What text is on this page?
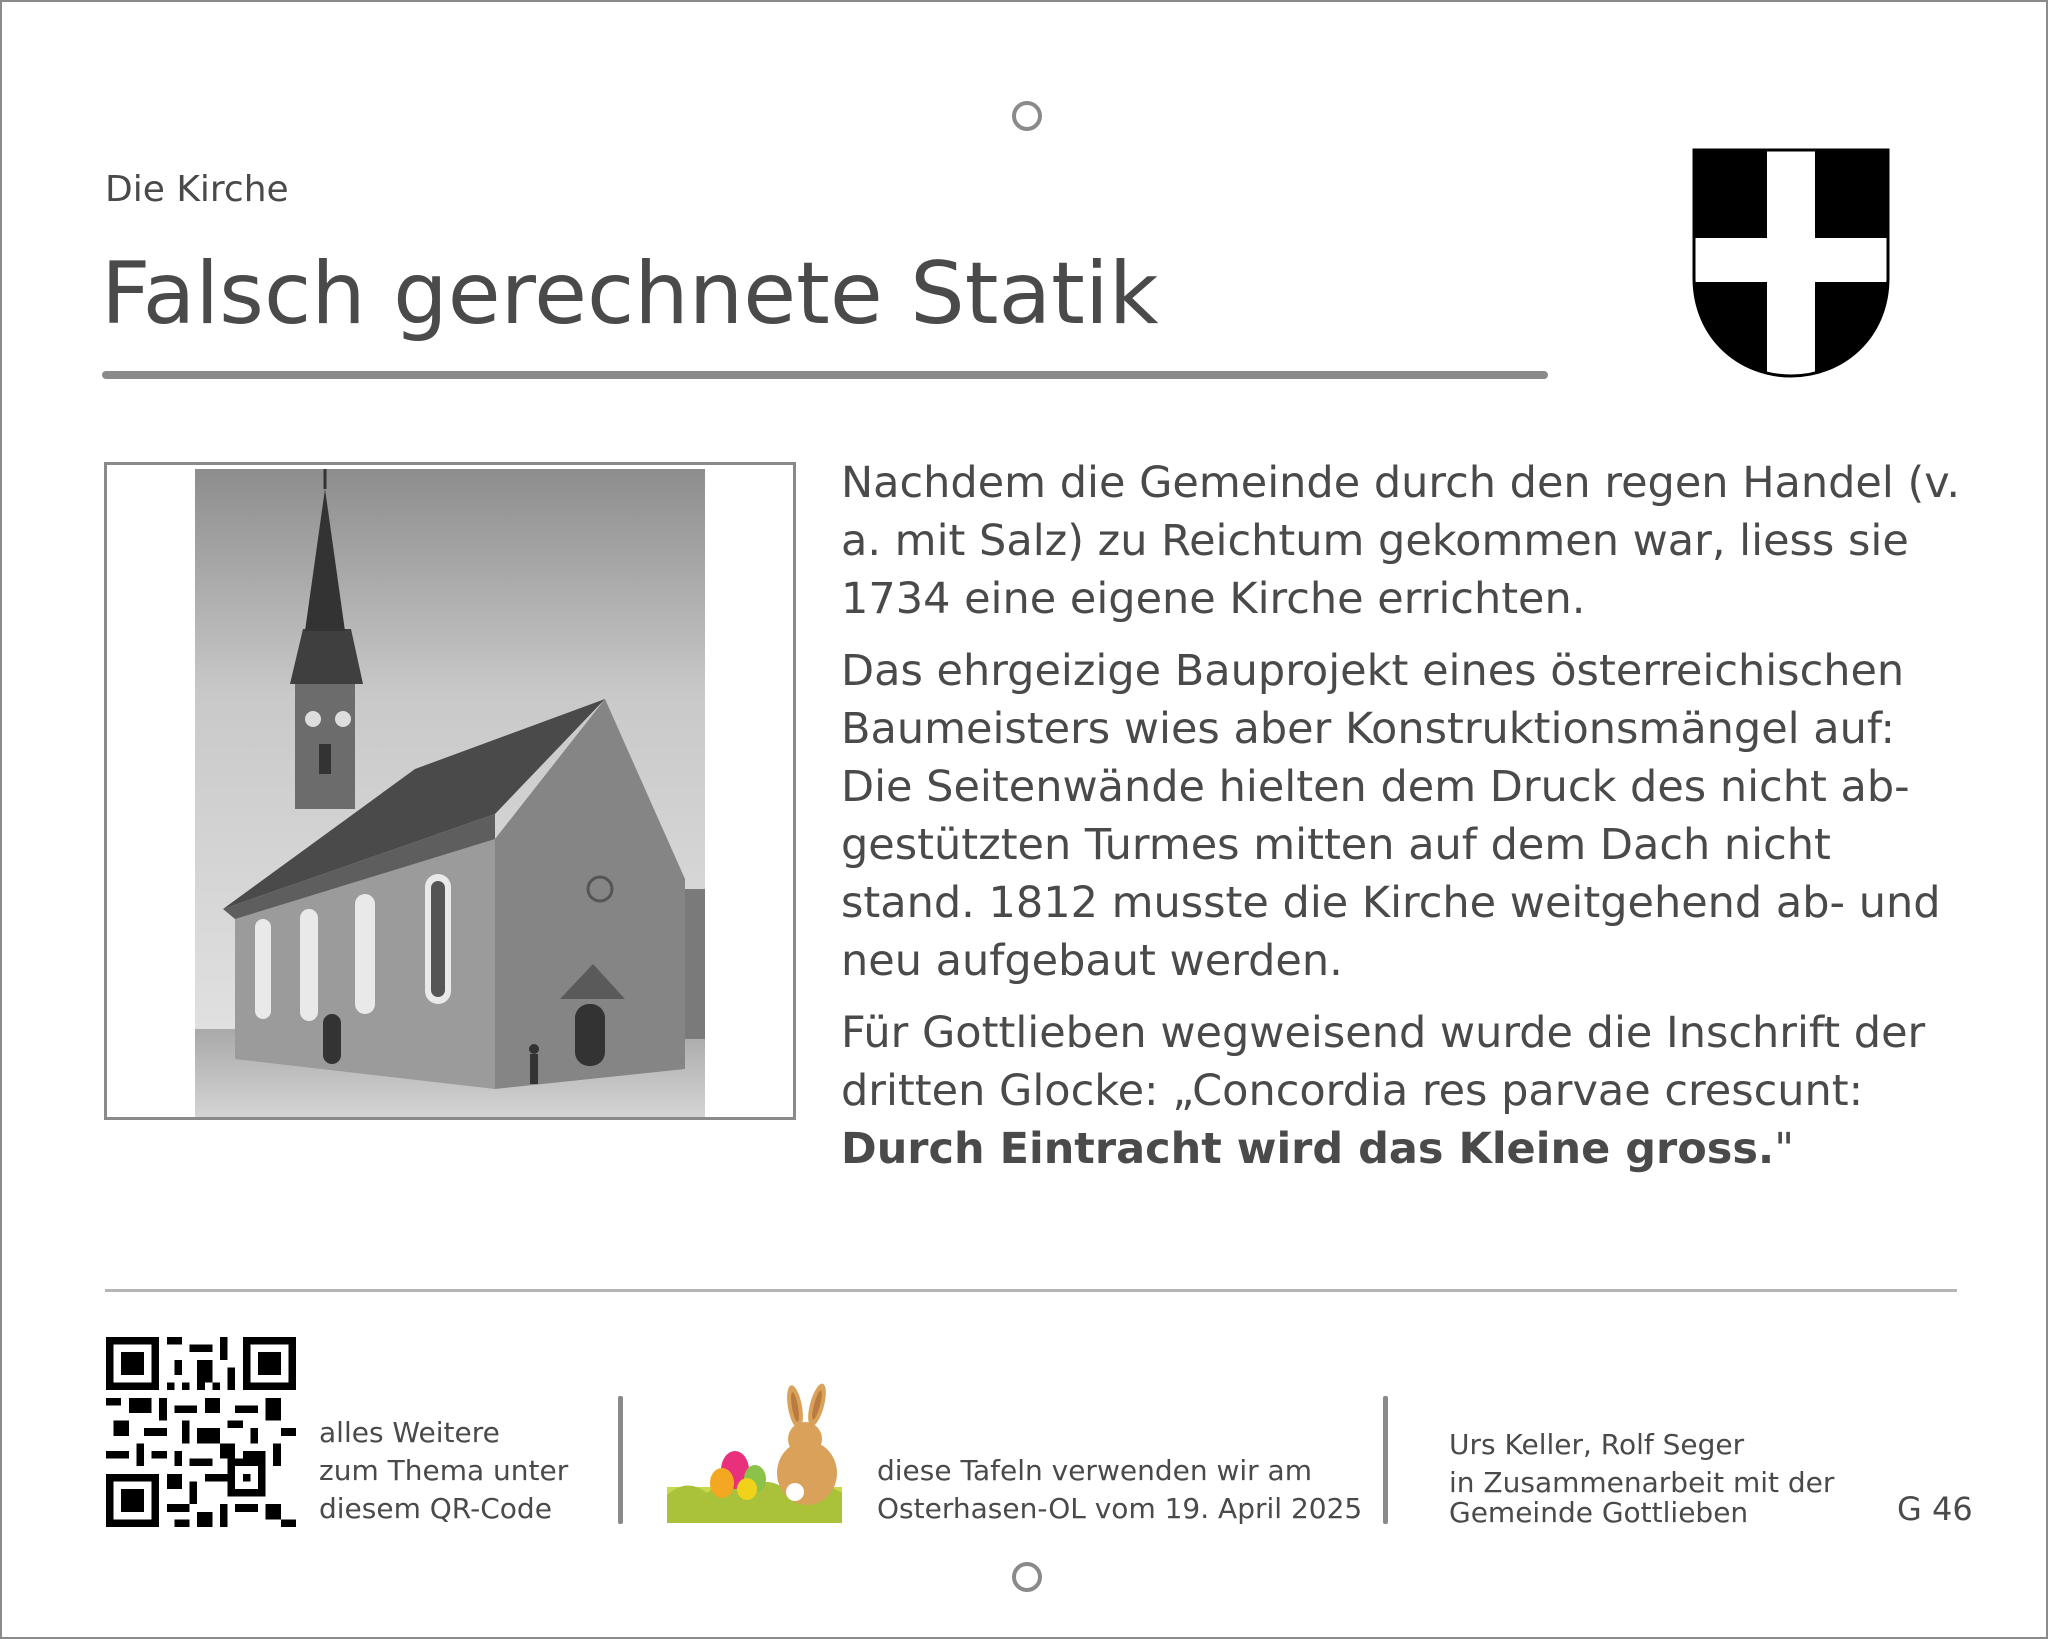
Die Kirche
Falsch gerechnete Statik

Nachdem die Gemeinde durch den regen Handel (v. a. mit Salz) zu Reichtum gekommen war, liess sie 1734 eine eigene Kirche errichten.

Das ehrgeizige Bauprojekt eines österreichischen Baumeisters wies aber Konstruktionsmängel auf: Die Seitenwände hielten dem Druck des nicht ab-gestützten Turmes mitten auf dem Dach nicht stand. 1812 musste die Kirche weitgehend ab- und neu aufgebaut werden.

Für Gottlieben wegweisend wurde die Inschrift der dritten Glocke: „Concordia res parvae crescunt: Durch Eintracht wird das Kleine gross."

alles Weitere
zum Thema unter
diesem QR-Code
diese Tafeln verwenden wir am
Osterhasen-OL vom 19. April 2025
Urs Keller, Rolf Seger
in Zusammenarbeit mit der
Gemeinde Gottlieben	G 46
